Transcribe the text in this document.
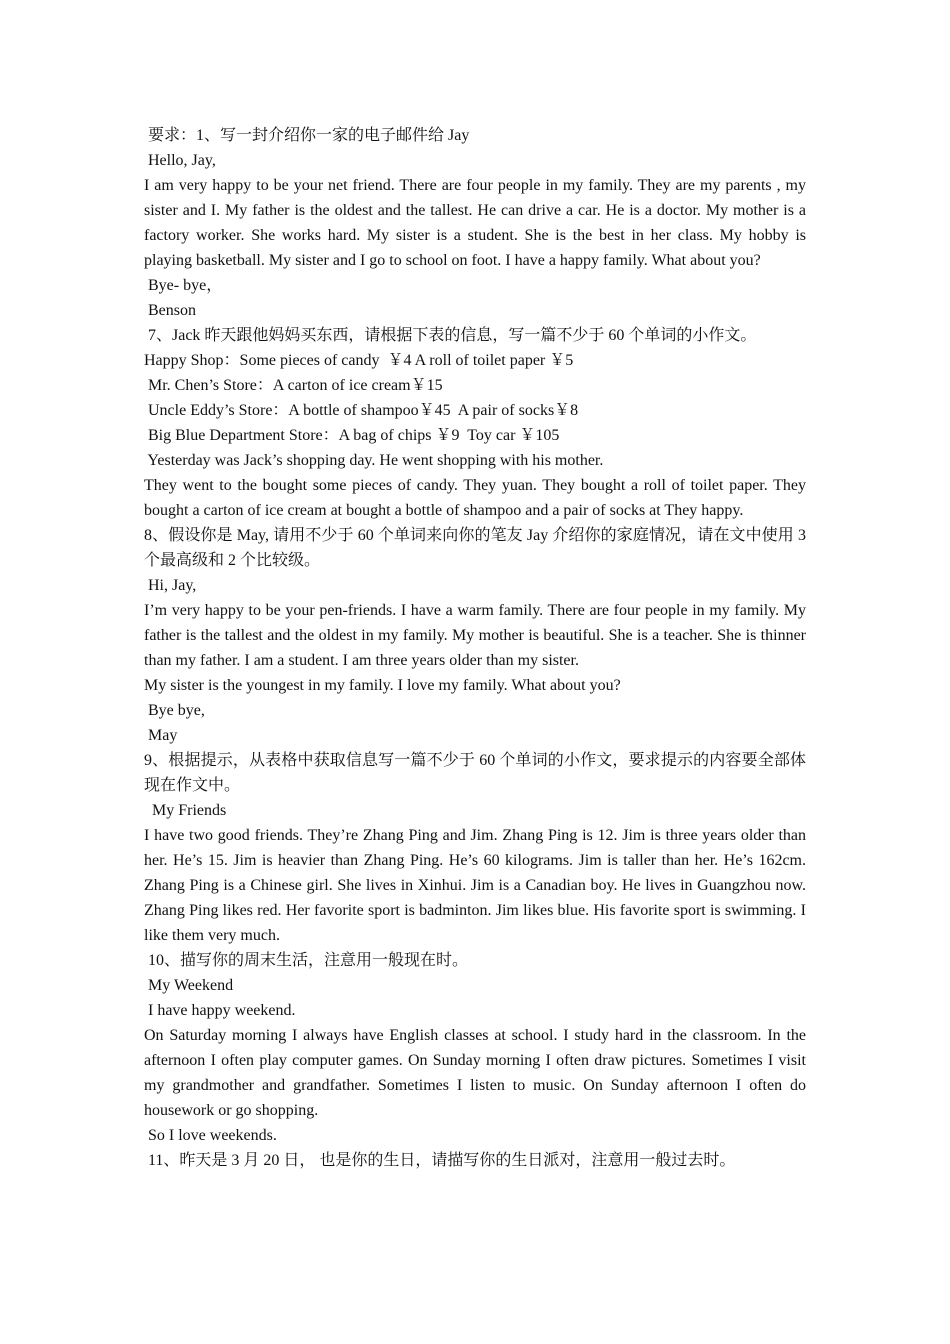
要求：1、写一封介绍你一家的电子邮件给 Jay
Hello, Jay,
I am very happy to be your net friend. There are four people in my family. They are my parents , my sister and I. My father is the oldest and the tallest. He can drive a car. He is a doctor. My mother is a factory worker. She works hard. My sister is a student. She is the best in her class. My hobby is playing basketball. My sister and I go to school on foot. I have a happy family. What about you?
Bye- bye，
Benson
7、Jack 昨天跟他妈妈买东西，请根据下表的信息，写一篇不少于 60 个单词的小作文。
Happy Shop：Some pieces of candy  ￥4 A roll of toilet paper ￥5
Mr. Chen’s Store：A carton of ice cream￥15
Uncle Eddy’s Store：A bottle of shampoo￥45  A pair of socks￥8
Big Blue Department Store：A bag of chips ￥9  Toy car ￥105
Yesterday was Jack’s shopping day. He went shopping with his mother.
They went to the bought some pieces of candy. They yuan. They bought a roll of toilet paper. They bought a carton of ice cream at bought a bottle of shampoo and a pair of socks at They happy.
8、假设你是 May, 请用不少于 60 个单词来向你的笔友 Jay 介绍你的家庭情况，请在文中使用 3 个最高级和 2 个比较级。
Hi, Jay,
I’m very happy to be your pen-friends. I have a warm family. There are four people in my family. My father is the tallest and the oldest in my family. My mother is beautiful. She is a teacher. She is thinner than my father. I am a student. I am three years older than my sister.
My sister is the youngest in my family. I love my family. What about you?
Bye bye,
May
9、根据提示，从表格中获取信息写一篇不少于 60 个单词的小作文，要求提示的内容要全部体现在作文中。
My Friends
I have two good friends. They’re Zhang Ping and Jim. Zhang Ping is 12. Jim is three years older than her. He’s 15. Jim is heavier than Zhang Ping. He’s 60 kilograms. Jim is taller than her. He’s 162cm. Zhang Ping is a Chinese girl. She lives in Xinhui. Jim is a Canadian boy. He lives in Guangzhou now. Zhang Ping likes red. Her favorite sport is badminton. Jim likes blue. His favorite sport is swimming. I like them very much.
10、描写你的周末生活，注意用一般现在时。
My Weekend
I have happy weekend.
On Saturday morning I always have English classes at school. I study hard in the classroom. In the afternoon I often play computer games. On Sunday morning I often draw pictures. Sometimes I visit my grandmother and grandfather. Sometimes I listen to music. On Sunday afternoon I often do housework or go shopping.
So I love weekends.
11、昨天是 3 月 20 日， 也是你的生日，请描写你的生日派对，注意用一般过去时。
